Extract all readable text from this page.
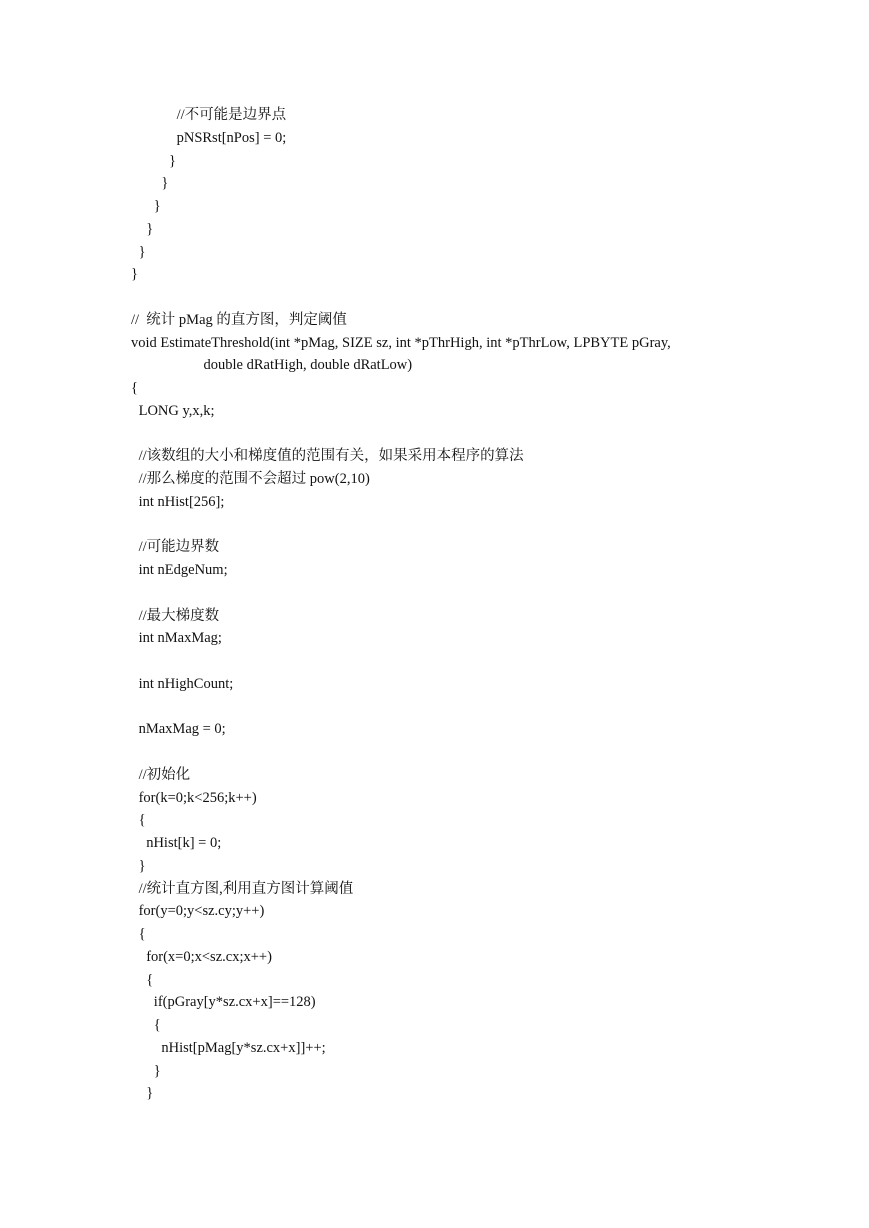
//不可能是边界点
pNSRst[nPos] = 0;
}
}
}
}
}
}
//  统计 pMag 的直方图，判定阈值
void EstimateThreshold(int *pMag, SIZE sz, int *pThrHigh, int *pThrLow, LPBYTE pGray,
double dRatHigh, double dRatLow)
{
LONG y,x,k;
//该数组的大小和梯度值的范围有关，如果采用本程序的算法
//那么梯度的范围不会超过 pow(2,10)
int nHist[256];
//可能边界数
int nEdgeNum;
//最大梯度数
int nMaxMag;
int nHighCount;
nMaxMag = 0;
//初始化
for(k=0;k<256;k++)
{
nHist[k] = 0;
}
//统计直方图,利用直方图计算阈值
for(y=0;y<sz.cy;y++)
{
for(x=0;x<sz.cx;x++)
{
if(pGray[y*sz.cx+x]==128)
{
nHist[pMag[y*sz.cx+x]]++;
}
}
